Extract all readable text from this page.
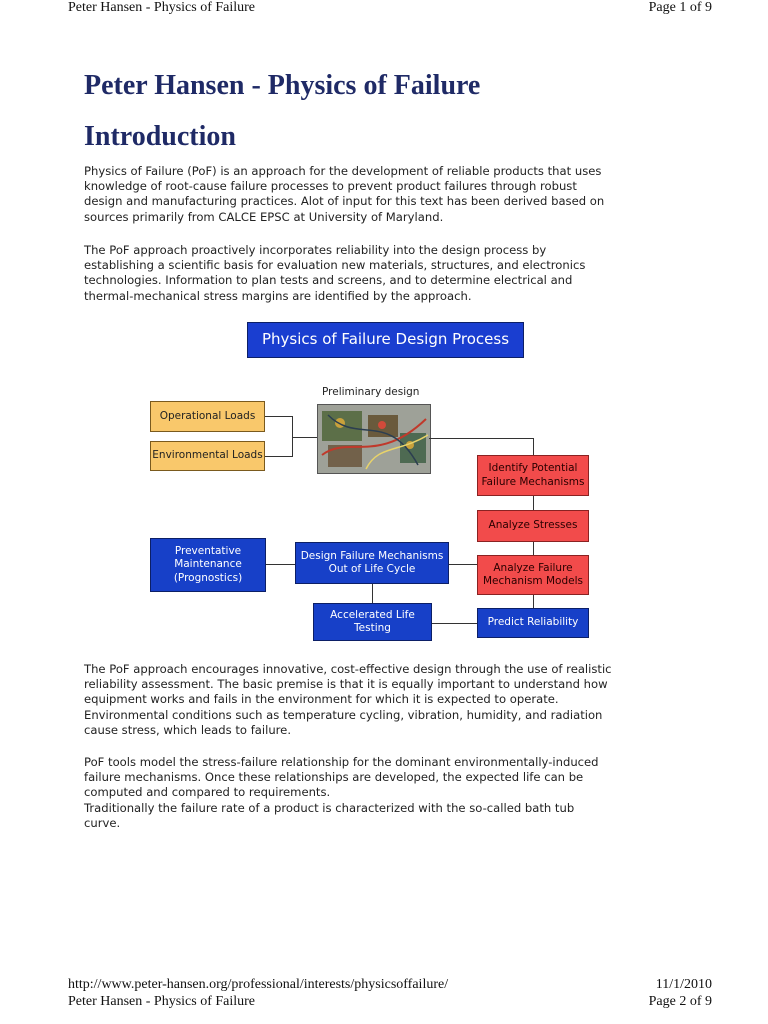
Peter Hansen - Physics of Failure	Page 1 of 9
Peter Hansen - Physics of Failure
Introduction
Physics of Failure (PoF) is an approach for the development of reliable products that uses
knowledge of root-cause failure processes to prevent product failures through robust
design and manufacturing practices. Alot of input for this text has been derived based on
sources primarily from CALCE EPSC at University of Maryland.
The PoF approach proactively incorporates reliability into the design process by
establishing a scientific basis for evaluation new materials, structures, and electronics
technologies. Information to plan tests and screens, and to determine electrical and
thermal-mechanical stress margins are identified by the approach.
Physics of Failure Design Process
Preliminary design
Operational Loads
Environmental Loads
Identify Potential
Failure Mechanisms
Analyze Stresses
Analyze Failure
Mechanism Models
Predict Reliability
Accelerated Life
Testing
Design Failure Mechanisms
Out of Life Cycle
Preventative
Maintenance
(Prognostics)
The PoF approach encourages innovative, cost-effective design through the use of realistic
reliability assessment. The basic premise is that it is equally important to understand how
equipment works and fails in the environment for which it is expected to operate.
Environmental conditions such as temperature cycling, vibration, humidity, and radiation
cause stress, which leads to failure.
PoF tools model the stress-failure relationship for the dominant environmentally-induced
failure mechanisms. Once these relationships are developed, the expected life can be
computed and compared to requirements.
Traditionally the failure rate of a product is characterized with the so-called bath tub
curve.
http://www.peter-hansen.org/professional/interests/physicsoffailure/	11/1/2010
Peter Hansen - Physics of Failure	Page 2 of 9
